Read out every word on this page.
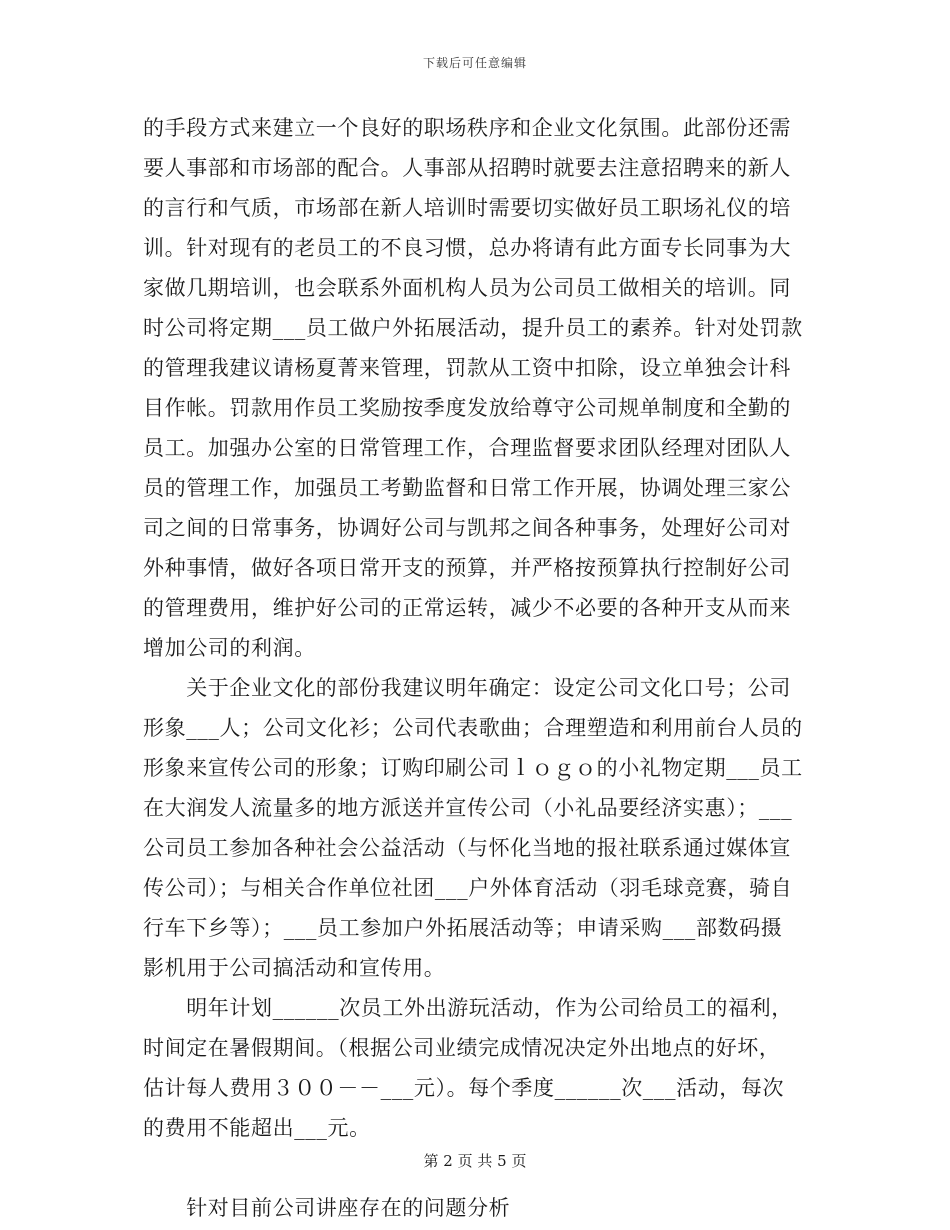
下载后可任意编辑
的手段方式来建立一个良好的职场秩序和企业文化氛围。此部份还需
要人事部和市场部的配合。人事部从招聘时就要去注意招聘来的新人
的言行和气质，市场部在新人培训时需要切实做好员工职场礼仪的培
训。针对现有的老员工的不良习惯，总办将请有此方面专长同事为大
家做几期培训，也会联系外面机构人员为公司员工做相关的培训。同
时公司将定期___员工做户外拓展活动，提升员工的素养。针对处罚款
的管理我建议请杨夏菁来管理，罚款从工资中扣除，设立单独会计科
目作帐。罚款用作员工奖励按季度发放给尊守公司规单制度和全勤的
员工。加强办公室的日常管理工作，合理监督要求团队经理对团队人
员的管理工作，加强员工考勤监督和日常工作开展，协调处理三家公
司之间的日常事务，协调好公司与凯邦之间各种事务，处理好公司对
外种事情，做好各项日常开支的预算，并严格按预算执行控制好公司
的管理费用，维护好公司的正常运转，减少不必要的各种开支从而来
增加公司的利润。
　　关于企业文化的部份我建议明年确定：设定公司文化口号；公司
形象___人；公司文化衫；公司代表歌曲；合理塑造和利用前台人员的
形象来宣传公司的形象；订购印刷公司ｌｏｇｏ的小礼物定期___员工
在大润发人流量多的地方派送并宣传公司（小礼品要经济实惠）；___
公司员工参加各种社会公益活动（与怀化当地的报社联系通过媒体宣
传公司）；与相关合作单位社团___户外体育活动（羽毛球竞赛，骑自
行车下乡等）；___员工参加户外拓展活动等；申请采购___部数码摄
影机用于公司搞活动和宣传用。
　　明年计划______次员工外出游玩活动，作为公司给员工的福利，
时间定在暑假期间。（根据公司业绩完成情况决定外出地点的好坏，
估计每人费用３００－－___元）。每个季度______次___活动，每次
的费用不能超出___元。
　　针对目前公司讲座存在的问题分析
第 2 页 共 5 页
